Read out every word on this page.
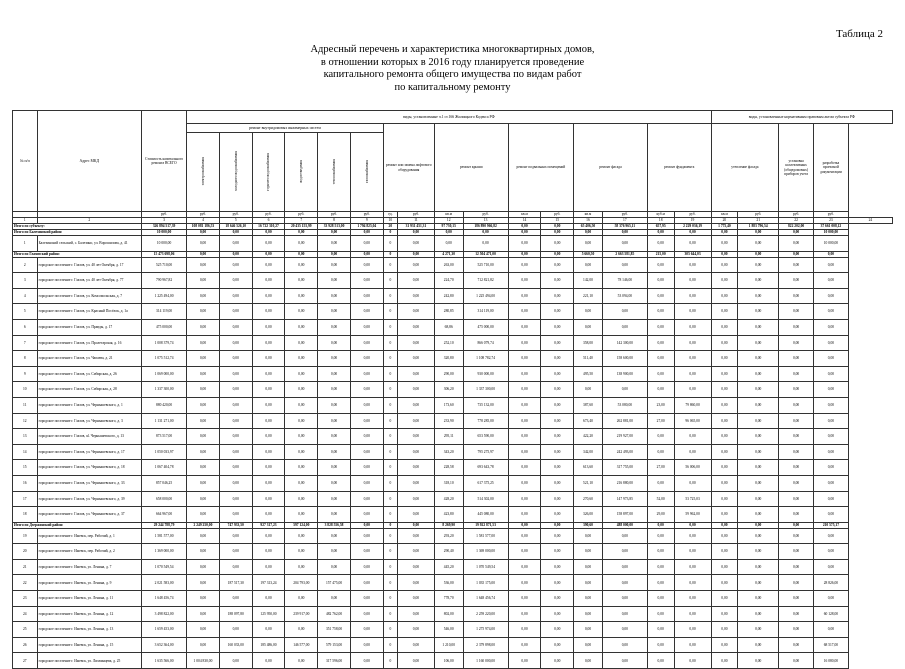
Таблица 2
Адресный перечень и характеристика многоквартирных домов,
в отношении которых в 2016 году планируется проведение
капитального ремонта общего имущества по видам работ
по капитальному ремонту
№ п/п	Адрес МКД	Стоимость капитального ремонта ВСЕГО	виды, установленные ч.1 ст.166 Жилищного Кодекса РФ																виды, установленные нормативным правовым актом субъекта РФ				
			ремонт внутридомовых инженерных систем						ремонт или замена лифтового оборудования		ремонт крыши		ремонт подвальных помещений		ремонт фасада		ремонт фундамента		утепление фасада		установка коллективных (общедомовых) приборов учета	разработка проектной документации	
			электроснабжения	холодного водоснабжения	горячего водоснабжения	водоотведения	теплоснабжения	газоснабжения															
		руб.	руб.	руб.	руб.	руб.	руб.	руб.	ед.	руб.	кв.м	руб.	кв.м	руб.	кв.м	руб.	куб.м	руб.	кв.м	руб.	руб.	руб.	
1	2	3	4	5	6	7	8	9	10	11	12	13	14	15	16	17	18	19	20	21	22	23	24
Итого по субъекту:		326 894 517,39	108 081 186,53	18 646 526,10	16 722 310,27	20 435 155,99	33 928 513,00	1 794 825,04	20	31 931 451,31	97 730,15	186 890 966,82	0,00	0,00	65 406,50	58 376 965,11	657,95	2 229 036,19	1 775,40	1 883 796,54	822 202,00	37 661 008,12	
Итого по Балезинский район:		10 000,00	0,00	0,00	0,00	0,00	0,00	0,00	0	0,00	0,00	0,00	0,00	0,00	0,00	0,00	0,00	0,00	0,00	0,00	0,00	10 000,00	
1	Балезинский сельский, с. Балезино, ул. Ворошилова, д. 41	10 000,00	0,00	0,00	0,00	0,00	0,00	0,00	0	0,00	0,00	0,00	0,00	0,00	0,00	0,00	0,00	0,00	0,00	0,00	0,00	10 000,00	
Итого по Глазовский район:		15 473 698,06	0,00	0,00	0,00	0,00	0,00	0,00	0	0,00	4 271,30	12 504 471,00	0,00	0,00	5 660,50	2 663 581,85	215,00	305 644,03	0,00	0,00	0,00	0,00	
2	городское поселение г. Глазов, ул. 40 лет Октября, д. 17	525 710,00	0,00	0,00	0,00	0,00	0,00	0,00	0	0,00	263,00	525 710,00	0,00	0,00	0,00	0,00	0,00	0,00	0,00	0,00	0,00	0,00	
3	городское поселение г. Глазов, ул. 40 лет Октября, д. 77	790 967,82	0,00	0,00	0,00	0,00	0,00	0,00	0	0,00	224,70	712 821,82	0,00	0,00	142,00	78 146,00	0,00	0,00	0,00	0,00	0,00	0,00	
4	городское поселение г. Глазов, ул. Комсомольская, д. 7	1 225 494,00	0,00	0,00	0,00	0,00	0,00	0,00	0	0,00	242,80	1 225 494,00	0,00	0,00	221,10	53 094,00	0,00	0,00	0,00	0,00	0,00	0,00	
5	городское поселение г. Глазов, ул. Красный Посёлок, д. 1а	314 119,00	0,00	0,00	0,00	0,00	0,00	0,00	0	0,00	280,85	314 119,00	0,00	0,00	0,00	0,00	0,00	0,00	0,00	0,00	0,00	0,00	
6	городское поселение г. Глазов, ул. Правды, д. 17	475 000,00	0,00	0,00	0,00	0,00	0,00	0,00	0	0,00	68,86	475 000,00	0,00	0,00	0,00	0,00	0,00	0,00	0,00	0,00	0,00	0,00	
7	городское поселение г. Глазов, ул. Пролетарская, д. 16	1 008 379,74	0,00	0,00	0,00	0,00	0,00	0,00	0	0,00	252,10	866 079,74	0,00	0,00	358,00	142 300,00	0,00	0,00	0,00	0,00	0,00	0,00	
8	городское поселение г. Глазов, ул. Чапаева, д. 21	1 075 512,74	0,00	0,00	0,00	0,00	0,00	0,00	0	0,00	320,80	1 108 782,74	0,00	0,00	511,40	158 600,00	0,00	0,00	0,00	0,00	0,00	0,00	
9	городское поселение г. Глазов, ул. Сибирская, д. 26	1 069 000,00	0,00	0,00	0,00	0,00	0,00	0,00	0	0,00	290,00	930 000,00	0,00	0,00	495,50	138 900,00	0,00	0,00	0,00	0,00	0,00	0,00	
10	городское поселение г. Глазов, ул. Сибирская, д. 28	1 337 300,00	0,00	0,00	0,00	0,00	0,00	0,00	0	0,00	306,20	1 337 300,00	0,00	0,00	0,00	0,00	0,00	0,00	0,00	0,00	0,00	0,00	
11	городское поселение г. Глазов, ул. Чернышевского, д. 1	880 420,00	0,00	0,00	0,00	0,00	0,00	0,00	0	0,00	173,60	735 132,00	0,00	0,00	387,60	53 080,00	23,00	79 860,00	0,00	0,00	0,00	0,00	
12	городское поселение г. Глазов, ул. Чернышевского, д. 3	1 131 271,00	0,00	0,00	0,00	0,00	0,00	0,00	0	0,00	233,90	778 285,00	0,00	0,00	673,40	262 881,00	27,00	96 065,00	0,00	0,00	0,00	0,00	
13	городское поселение г. Глазов, ul. Чернышевского, д. 13	873 517,00	0,00	0,00	0,00	0,00	0,00	0,00	0	0,00	295,11	653 590,00	0,00	0,00	422,20	219 927,00	0,00	0,00	0,00	0,00	0,00	0,00	
14	городское поселение г. Глазов, ул. Чернышевского, д. 17	1 050 033,97	0,00	0,00	0,00	0,00	0,00	0,00	0	0,00	343,20	795 275,97	0,00	0,00	342,00	242 493,00	0,00	0,00	0,00	0,00	0,00	0,00	
15	городское поселение г. Глазов, ул. Чернышевского, д. 18	1 067 404,78	0,00	0,00	0,00	0,00	0,00	0,00	0	0,00	228,58	693 643,78	0,00	0,00	613,60	317 755,00	27,00	56 006,00	0,00	0,00	0,00	0,00	
16	городское поселение г. Глазов, ул. Чернышевского, д. 33	857 046,25	0,00	0,00	0,00	0,00	0,00	0,00	0	0,00	318,10	617 375,25	0,00	0,00	521,10	216 880,00	0,00	0,00	0,00	0,00	0,00	0,00	
17	городское поселение г. Глазов, ул. Чернышевского, д. 39	658 000,00	0,00	0,00	0,00	0,00	0,00	0,00	0	0,00	428,20	514 302,00	0,00	0,00	270,60	147 973,85	52,00	53 725,03	0,00	0,00	0,00	0,00	
18	городское поселение г. Глазов, ул. Чернышевского, д. 37	664 967,00	0,00	0,00	0,00	0,00	0,00	0,00	0	0,00	423,80	445 080,00	0,00	0,00	326,00	158 897,00	29,00	59 962,00	0,00	0,00	0,00	0,00	
Итого по Дзержинский район:		29 244 788,79	2 249 250,00	747 933,50	927 317,23	597 124,00	3 828 556,58	0,00	0	0,00	8 269,90	19 922 871,53	0,00	0,00	390,60	488 000,00	0,00	0,00	0,00	0,00	0,00	210 575,17	
19	городское поселение г. Ижевск, пер. Рабочий, д. 1	1 581 577,00	0,00	0,00	0,00	0,00	0,00	0,00	0	0,00	293,20	1 581 577,00	0,00	0,00	0,00	0,00	0,00	0,00	0,00	0,00	0,00	0,00	
20	городское поселение г. Ижевск, пер. Рабочий, д. 2	1 369 000,00	0,00	0,00	0,00	0,00	0,00	0,00	0	0,00	290,40	1 369 000,00	0,00	0,00	0,00	0,00	0,00	0,00	0,00	0,00	0,00	0,00	
21	городское поселение г. Ижевск, ул. Ленина, д. 7	1 070 549,54	0,00	0,00	0,00	0,00	0,00	0,00	0	0,00	445,20	1 070 549,54	0,00	0,00	0,00	0,00	0,00	0,00	0,00	0,00	0,00	0,00	
22	городское поселение г. Ижевск, ул. Ленина, д. 9	2 021 583,00	0,00	187 517,30	197 313,24	204 793,00	157 475,00	0,00	0	0,00	536,00	1 035 175,00	0,00	0,00	0,00	0,00	0,00	0,00	0,00	0,00	0,00	28 826,00	
23	городское поселение г. Ижевск, ул. Ленина, д. 11	1 648 456,74	0,00	0,00	0,00	0,00	0,00	0,00	0	0,00	778,70	1 648 456,74	0,00	0,00	0,00	0,00	0,00	0,00	0,00	0,00	0,00	0,00	
24	городское поселение г. Ижевск, ул. Ленина, д. 12	3 498 822,00	0,00	188 097,80	125 950,00	239 917,00	482 762,00	0,00	0	0,00	802,00	2 259 220,00	0,00	0,00	0,00	0,00	0,00	0,00	0,00	0,00	0,00	60 128,00	
25	городское поселение г. Ижевск, ул. Ленина, д. 13	1 659 453,00	0,00	0,00	0,00	0,00	351 758,00	0,00	0	0,00	546,00	1 275 974,00	0,00	0,00	0,00	0,00	0,00	0,00	0,00	0,00	0,00	0,00	
26	городское поселение г. Ижевск, ул. Ленина, д. 15	3 652 364,00	0,00	160 033,00	185 486,00	146 577,00	579 153,00	0,00	0	0,00	1 210,00	2 379 898,00	0,00	0,00	0,00	0,00	0,00	0,00	0,00	0,00	0,00	68 517,00	
27	городское поселение г. Ижевск, ул. Лихвинцева, д. 25	1 635 566,00	1 004 830,00	0,00	0,00	0,00	317 596,00	0,00	0	0,00	106,00	1 160 000,00	0,00	0,00	0,00	0,00	0,00	0,00	0,00	0,00	0,00	16 080,00	
